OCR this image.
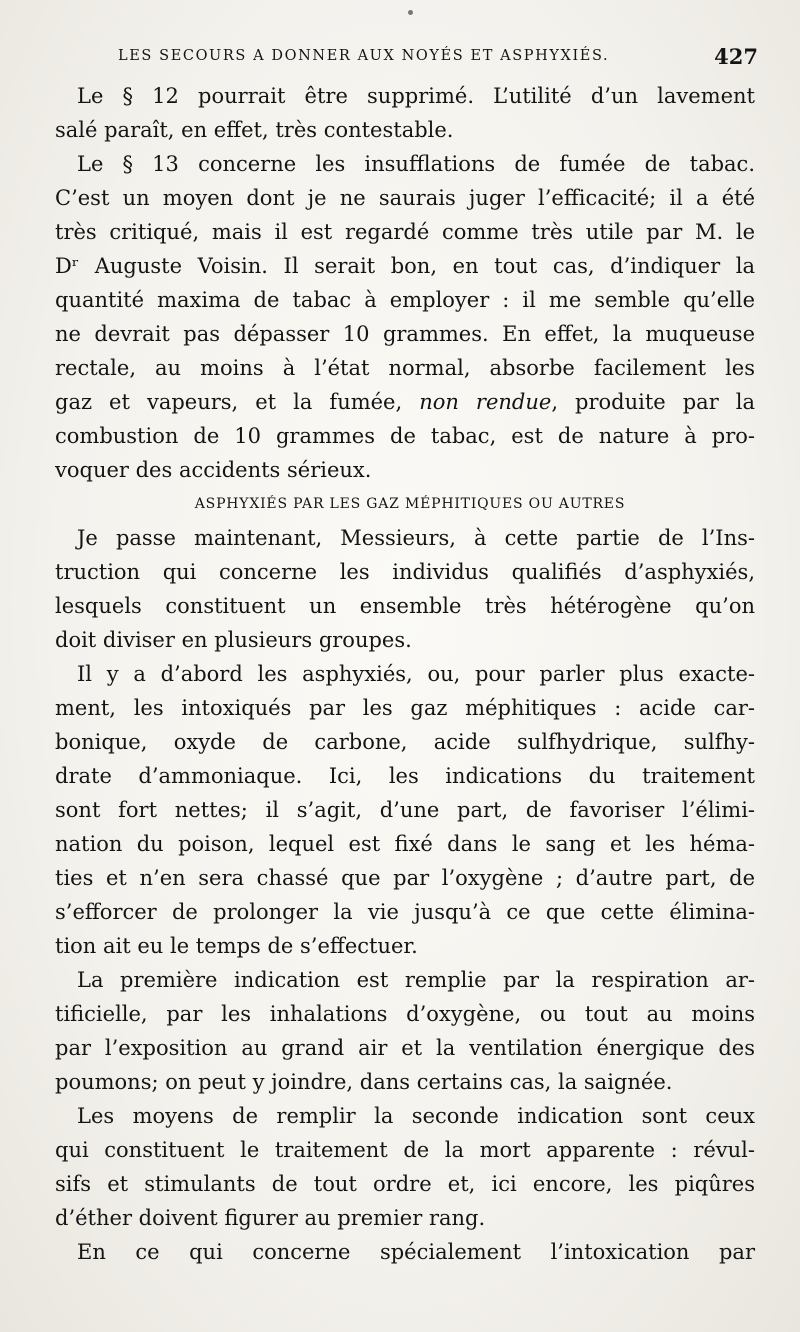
LES SECOURS A DONNER AUX NOYÉS ET ASPHYXIÉS.	427
Le § 12 pourrait être supprimé. L’utilité d’un lavement
salé paraît, en effet, très contestable.
Le § 13 concerne les insufflations de fumée de tabac.
C’est un moyen dont je ne saurais juger l’efficacité; il a été
très critiqué, mais il est regardé comme très utile par M. le
Dʳ Auguste Voisin. Il serait bon, en tout cas, d’indiquer la
quantité maxima de tabac à employer : il me semble qu’elle
ne devrait pas dépasser 10 grammes. En effet, la muqueuse
rectale, au moins à l’état normal, absorbe facilement les
gaz et vapeurs, et la fumée, non rendue, produite par la
combustion de 10 grammes de tabac, est de nature à pro-
voquer des accidents sérieux.
ASPHYXIÉS PAR LES GAZ MÉPHITIQUES OU AUTRES
Je passe maintenant, Messieurs, à cette partie de l’Ins-
truction qui concerne les individus qualifiés d’asphyxiés,
lesquels constituent un ensemble très hétérogène qu’on
doit diviser en plusieurs groupes.
Il y a d’abord les asphyxiés, ou, pour parler plus exacte-
ment, les intoxiqués par les gaz méphitiques : acide car-
bonique, oxyde de carbone, acide sulfhydrique, sulfhy-
drate d’ammoniaque. Ici, les indications du traitement
sont fort nettes; il s’agit, d’une part, de favoriser l’élimi-
nation du poison, lequel est fixé dans le sang et les héma-
ties et n’en sera chassé que par l’oxygène ; d’autre part, de
s’efforcer de prolonger la vie jusqu’à ce que cette élimina-
tion ait eu le temps de s’effectuer.
La première indication est remplie par la respiration ar-
tificielle, par les inhalations d’oxygène, ou tout au moins
par l’exposition au grand air et la ventilation énergique des
poumons; on peut y joindre, dans certains cas, la saignée.
Les moyens de remplir la seconde indication sont ceux
qui constituent le traitement de la mort apparente : révul-
sifs et stimulants de tout ordre et, ici encore, les piqûres
d’éther doivent figurer au premier rang.
En ce qui concerne spécialement l’intoxication par
